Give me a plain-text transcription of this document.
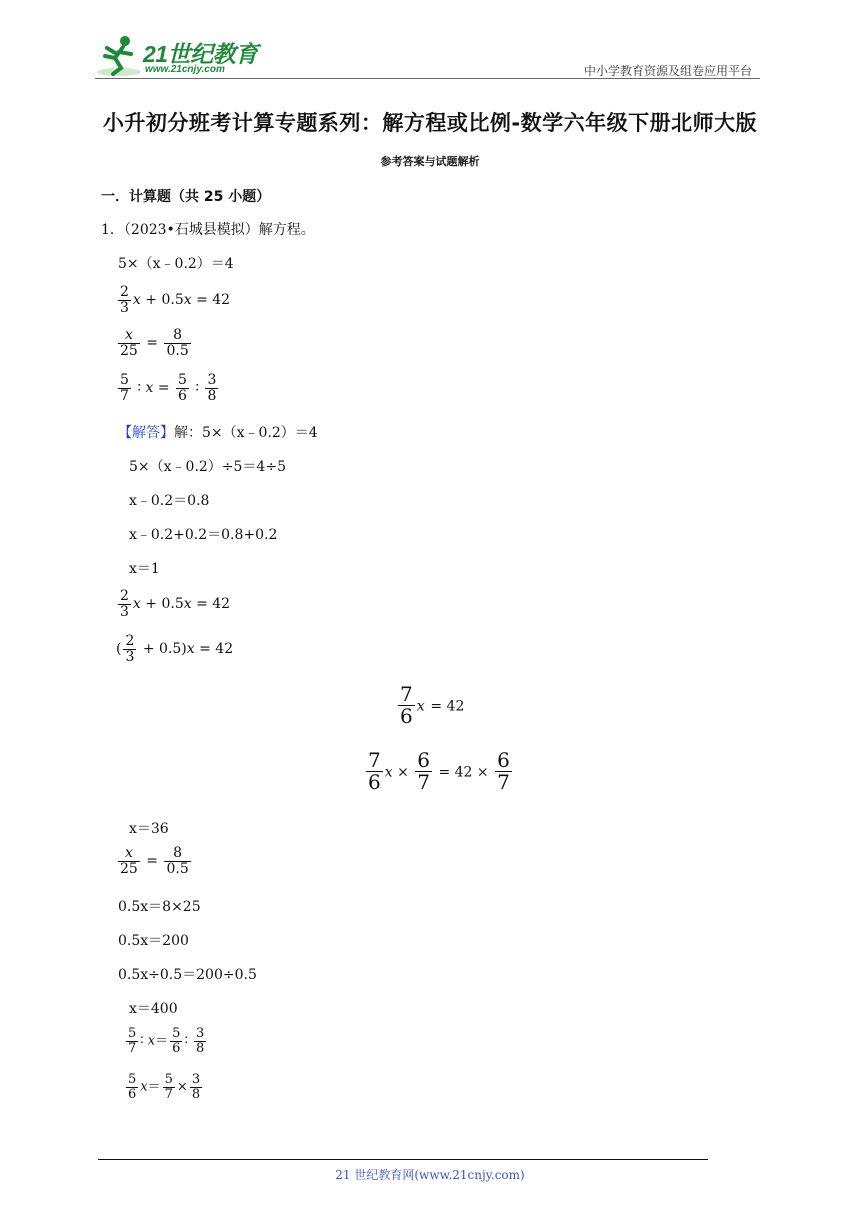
21世纪教育
www.21cnjy.com	中小学教育资源及组卷应用平台
小升初分班考计算专题系列：解方程或比例-数学六年级下册北师大版
参考答案与试题解析
一．计算题（共 25 小题）
1．（2023•石城县模拟）解方程。
5×（x﹣0.2）＝4
$\frac{2}{3}$ x + 0.5x = 42
$\frac{x}{25} = \frac{8}{0.5}$
$\frac{5}{7}$ ∶ $x = \frac{5}{6}$ ∶ $\frac{3}{8}$
【解答】解：5×（x﹣0.2）＝4
5×（x﹣0.2）÷5＝4÷5
x﹣0.2＝0.8
x﹣0.2+0.2＝0.8+0.2
x＝1
$\frac{2}{3}$ x + 0.5x = 42
( $\frac{2}{3} + 0.5)x = 42$
$\frac{7}{6}$ x = 42
$\frac{7}{6}$ $x \times \frac{6}{7} = 42 \times \frac{6}{7}$
x＝36
$\frac{x}{25} = \frac{8}{0.5}$
0.5x＝8×25
0.5x＝200
0.5x÷0.5＝200÷0.5
x＝400
$\frac{5}{7}$ ∶ $x= \frac{5}{6}$ ∶ $\frac{3}{8}$
$\frac{5}{6} x= \frac{5}{7} \times \frac{3}{8}$
21 世纪教育网(www.21cnjy.com)
